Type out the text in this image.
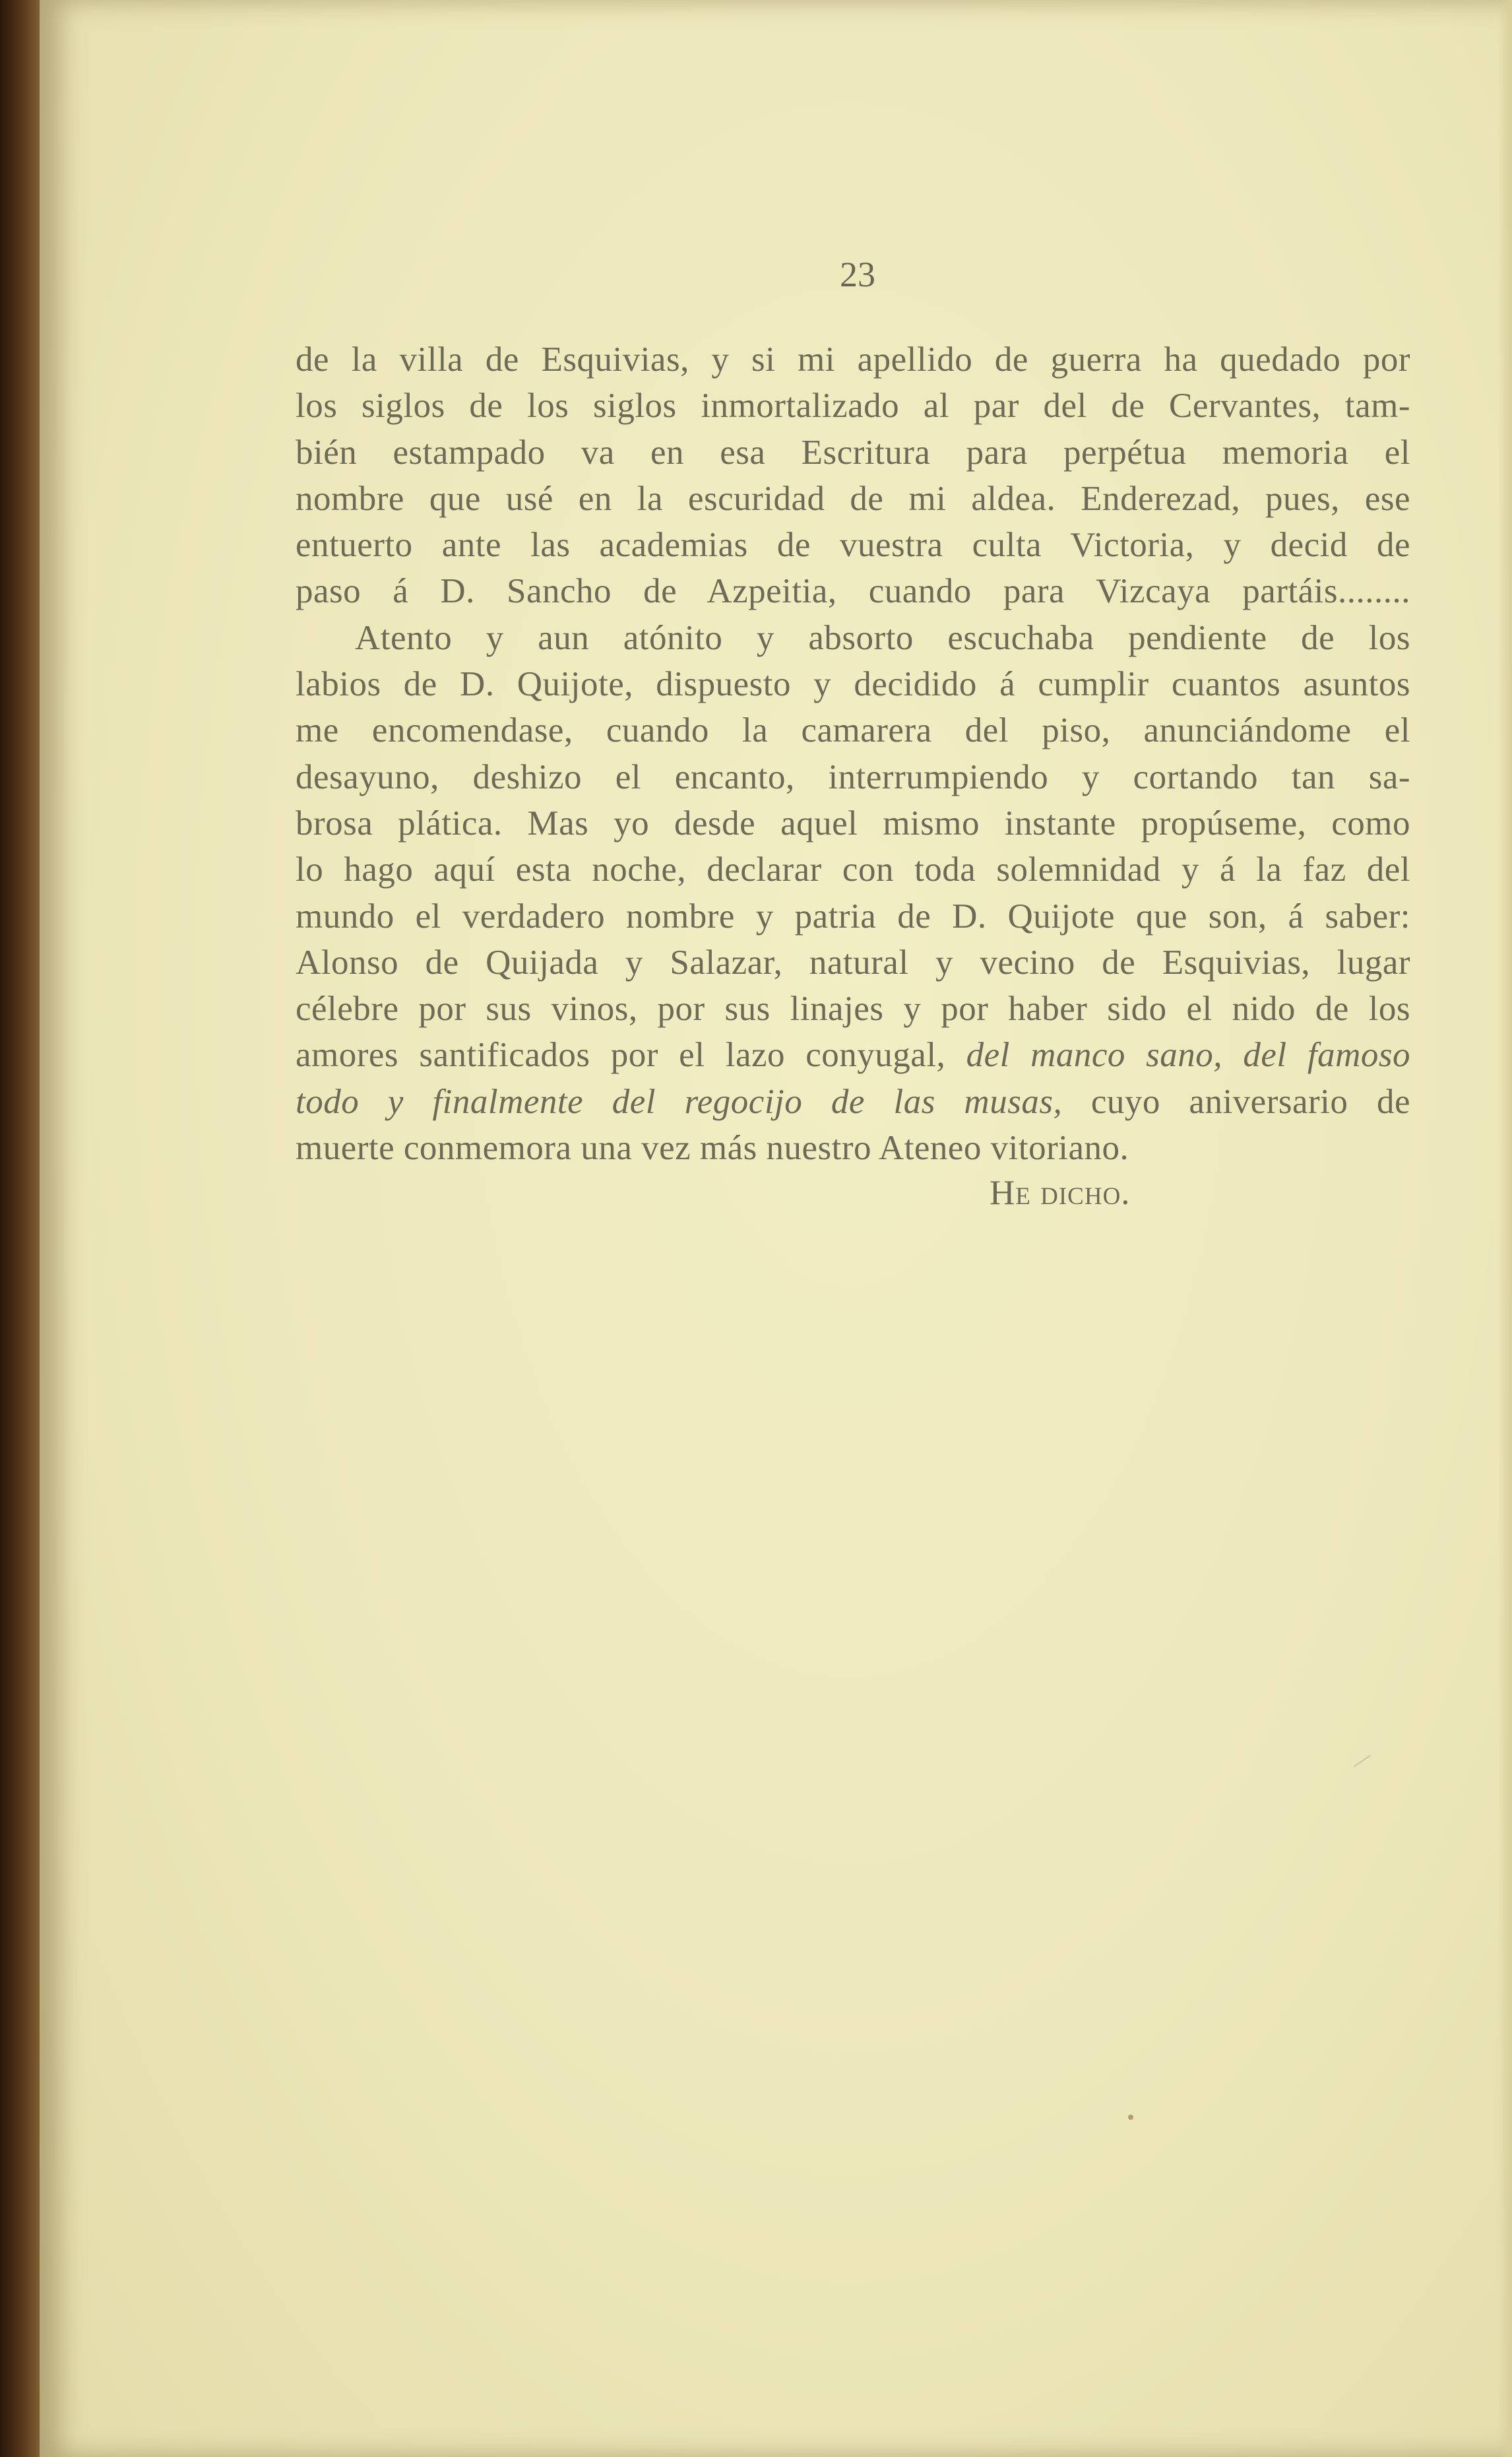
23
de la villa de Esquivias, y si mi apellido de guerra ha quedado por
los siglos de los siglos inmortalizado al par del de Cervantes, tam-
bién estampado va en esa Escritura para perpétua memoria el
nombre que usé en la escuridad de mi aldea. Enderezad, pues, ese
entuerto ante las academias de vuestra culta Victoria, y decid de
paso á D. Sancho de Azpeitia, cuando para Vizcaya partáis........
Atento y aun atónito y absorto escuchaba pendiente de los
labios de D. Quijote, dispuesto y decidido á cumplir cuantos asuntos
me encomendase, cuando la camarera del piso, anunciándome el
desayuno, deshizo el encanto, interrumpiendo y cortando tan sa-
brosa plática. Mas yo desde aquel mismo instante propúseme, como
lo hago aquí esta noche, declarar con toda solemnidad y á la faz del
mundo el verdadero nombre y patria de D. Quijote que son, á saber:
Alonso de Quijada y Salazar, natural y vecino de Esquivias, lugar
célebre por sus vinos, por sus linajes y por haber sido el nido de los
amores santificados por el lazo conyugal, del manco sano, del famoso
todo y finalmente del regocijo de las musas, cuyo aniversario de
muerte conmemora una vez más nuestro Ateneo vitoriano.
He dicho.
